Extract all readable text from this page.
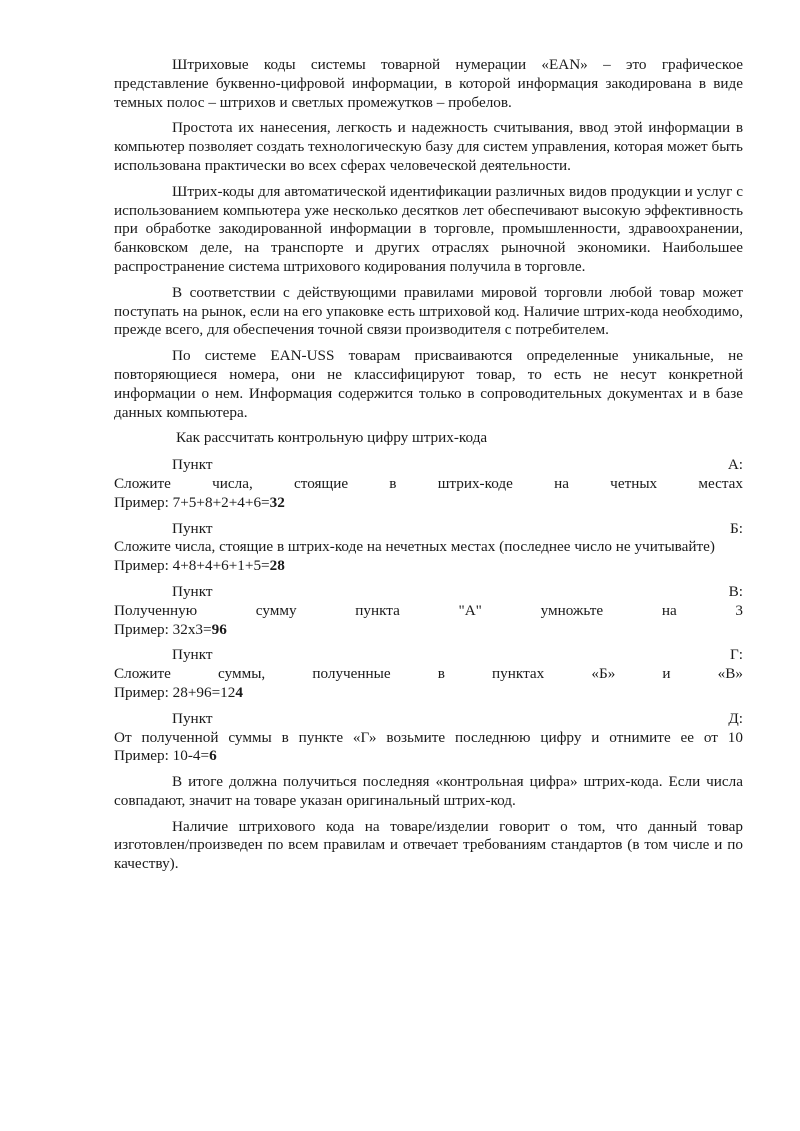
Штриховые коды системы товарной нумерации «EAN» – это графическое представление буквенно-цифровой информации, в которой информация закодирована в виде темных полос – штрихов и светлых промежутков – пробелов.

Простота их нанесения, легкость и надежность считывания, ввод этой информации в компьютер позволяет создать технологическую базу для систем управления, которая может быть использована практически во всех сферах человеческой деятельности.

Штрих-коды для автоматической идентификации различных видов продукции и услуг с использованием компьютера уже несколько десятков лет обеспечивают высокую эффективность при обработке закодированной информации в торговле, промышленности, здравоохранении, банковском деле, на транспорте и других отраслях рыночной экономики. Наибольшее распространение система штрихового кодирования получила в торговле.

В соответствии с действующими правилами мировой торговли любой товар может поступать на рынок, если на его упаковке есть штриховой код. Наличие штрих-кода необходимо, прежде всего, для обеспечения точной связи производителя с потребителем.

По системе EAN-USS товарам присваиваются определенные уникальные, не повторяющиеся номера, они не классифицируют товар, то есть не несут конкретной информации о нем. Информация содержится только в сопроводительных документах и в базе данных компьютера.

Как рассчитать контрольную цифру штрих-кода
Пункт	А:
Сложите числа, стоящие в штрих-коде на четных местах
Пример: 7+5+8+2+4+6=32
Пункт	Б:
Сложите числа, стоящие в штрих-коде на нечетных местах (последнее число не учитывайте)
Пример: 4+8+4+6+1+5=28
Пункт	В:
Полученную сумму пункта "А" умножьте на 3
Пример: 32x3=96
Пункт	Г:
Сложите суммы, полученные в пунктах «Б» и «В»
Пример: 28+96=124
Пункт	Д:
От полученной суммы в пункте «Г» возьмите последнюю цифру и отнимите ее от 10
Пример: 10-4=6

В итоге должна получиться последняя «контрольная цифра» штрих-кода. Если числа совпадают, значит на товаре указан оригинальный штрих-код.

Наличие штрихового кода на товаре/изделии говорит о том, что данный товар изготовлен/произведен по всем правилам и отвечает требованиям стандартов (в том числе и по качеству).
